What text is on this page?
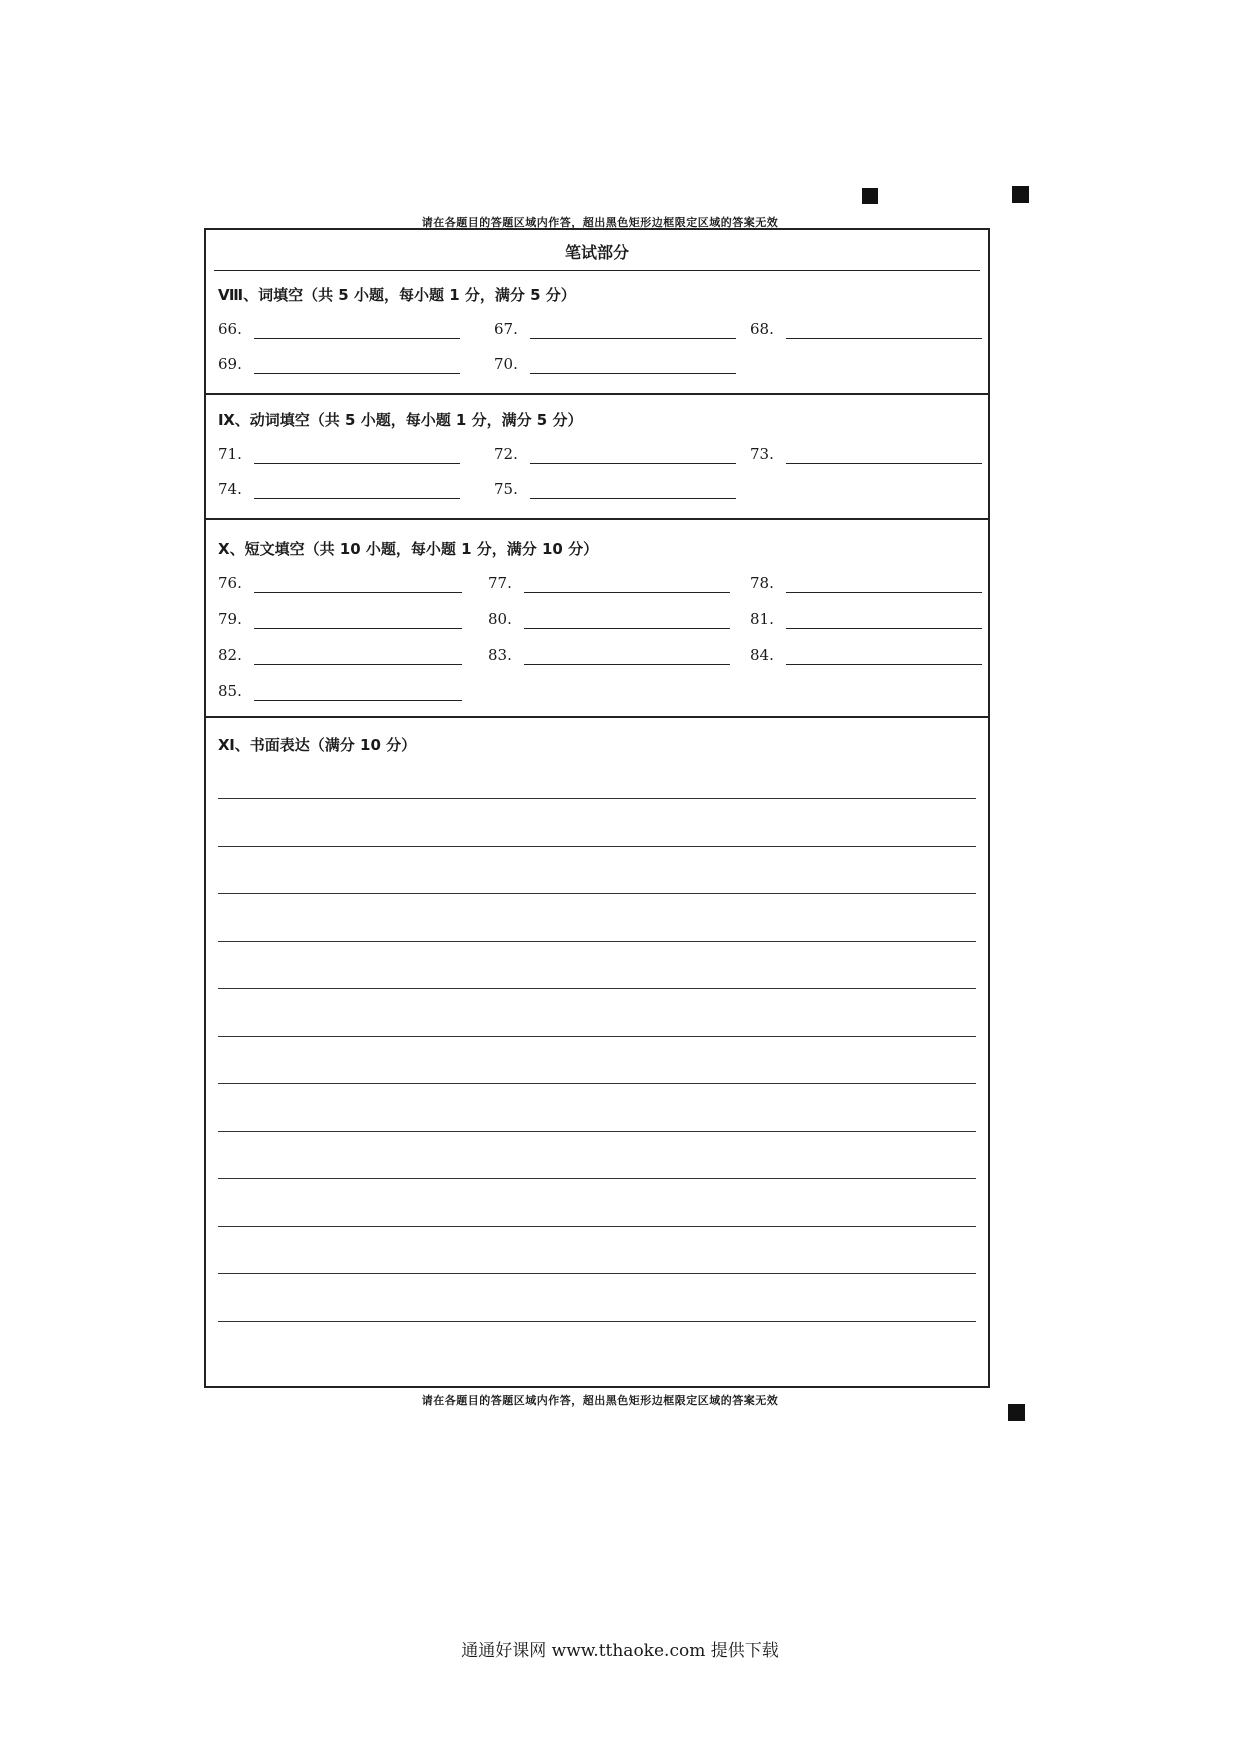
请在各题目的答题区域内作答，超出黑色矩形边框限定区域的答案无效
笔试部分
Ⅷ、词填空（共 5 小题，每小题 1 分，满分 5 分）
66.	67.	68.
69.	70.
Ⅸ、动词填空（共 5 小题，每小题 1 分，满分 5 分）
71.	72.	73.
74.	75.
Ⅹ、短文填空（共 10 小题，每小题 1 分，满分 10 分）
76.	77.	78.
79.	80.	81.
82.	83.	84.
85.
Ⅺ、书面表达（满分 10 分）
请在各题目的答题区域内作答，超出黑色矩形边框限定区域的答案无效
通通好课网 www.tthaoke.com 提供下载
